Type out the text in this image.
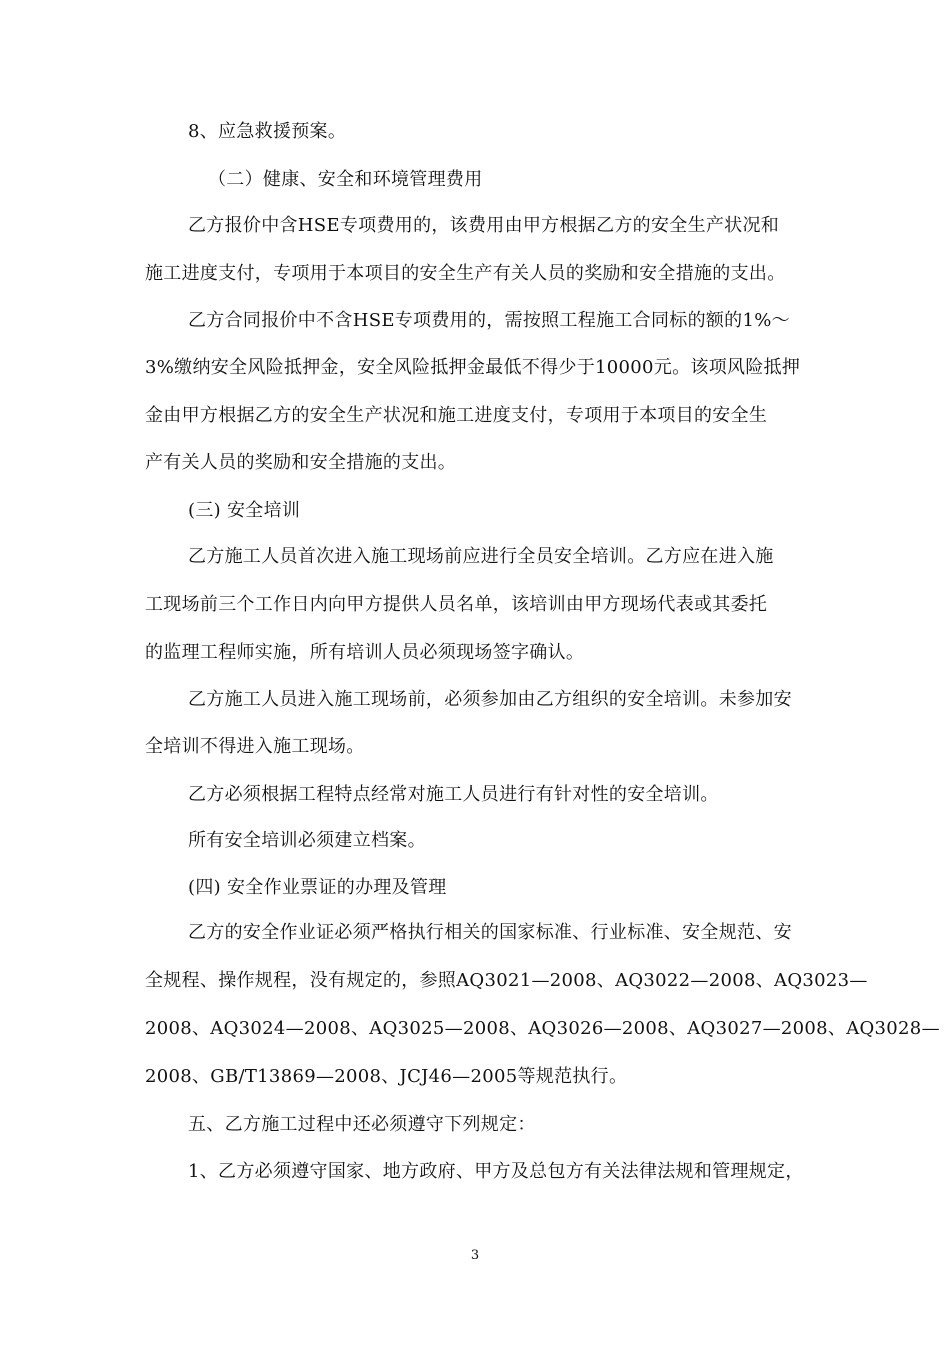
8、应急救援预案。
（二）健康、安全和环境管理费用
乙方报价中含HSE专项费用的，该费用由甲方根据乙方的安全生产状况和
施工进度支付，专项用于本项目的安全生产有关人员的奖励和安全措施的支出。
乙方合同报价中不含HSE专项费用的，需按照工程施工合同标的额的1%～
3%缴纳安全风险抵押金，安全风险抵押金最低不得少于10000元。该项风险抵押
金由甲方根据乙方的安全生产状况和施工进度支付，专项用于本项目的安全生
产有关人员的奖励和安全措施的支出。
(三) 安全培训
乙方施工人员首次进入施工现场前应进行全员安全培训。乙方应在进入施
工现场前三个工作日内向甲方提供人员名单，该培训由甲方现场代表或其委托
的监理工程师实施，所有培训人员必须现场签字确认。
乙方施工人员进入施工现场前，必须参加由乙方组织的安全培训。未参加安
全培训不得进入施工现场。
乙方必须根据工程特点经常对施工人员进行有针对性的安全培训。
所有安全培训必须建立档案。
(四) 安全作业票证的办理及管理
乙方的安全作业证必须严格执行相关的国家标准、行业标准、安全规范、安
全规程、操作规程，没有规定的，参照AQ3021—2008、AQ3022—2008、AQ3023—
2008、AQ3024—2008、AQ3025—2008、AQ3026—2008、AQ3027—2008、AQ3028—
2008、GB/T13869—2008、JCJ46—2005等规范执行。
五、乙方施工过程中还必须遵守下列规定：
1、乙方必须遵守国家、地方政府、甲方及总包方有关法律法规和管理规定，
3
